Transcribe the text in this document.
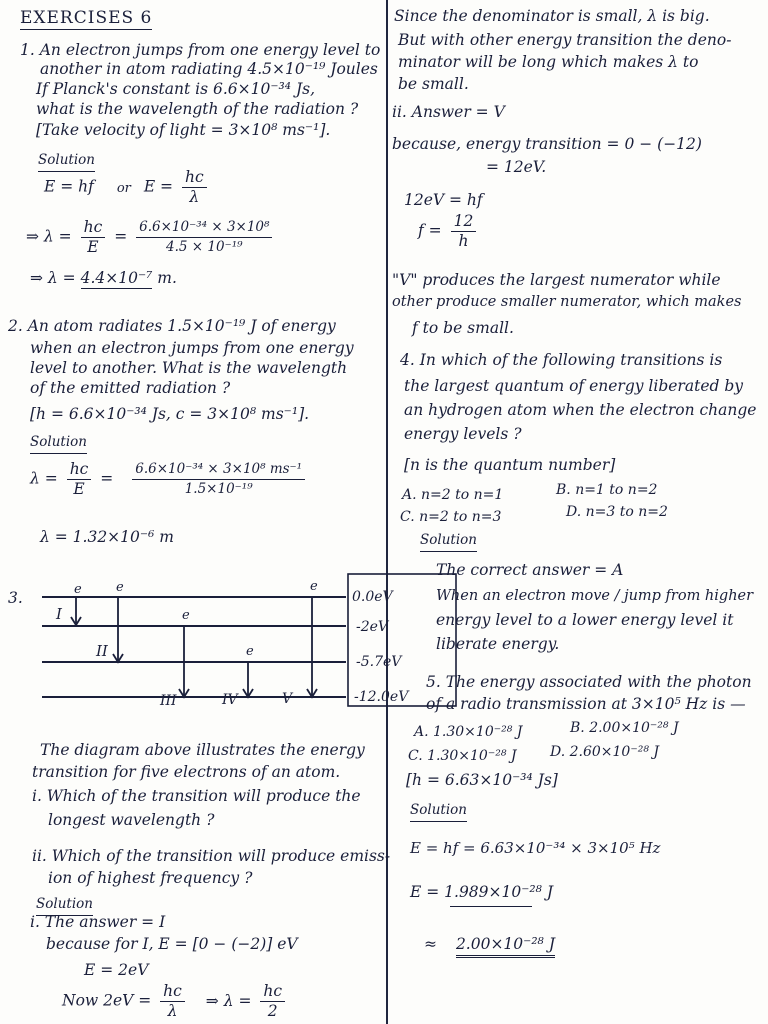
EXERCISES 6
1. An electron jumps from one energy level to
another in atom radiating 4.5×10⁻¹⁹ Joules
If Planck's constant is 6.6×10⁻³⁴ Js,
what is the wavelength of the radiation ?
[Take velocity of light = 3×10⁸ ms⁻¹].
Solution
E = hf or $E = \frac{hc}{\lambda}$
⇒ $\lambda = \frac{hc}{E} = \frac{\text{6.6×10⁻³⁴ × 3×10⁸}}{\text{4.5 × 10⁻¹⁹}}$
⇒ λ = 4.4×10⁻⁷ m.
2. An atom radiates 1.5×10⁻¹⁹ J of energy
when an electron jumps from one energy
level to another. What is the wavelength
of the emitted radiation ?
[h = 6.6×10⁻³⁴ Js, c = 3×10⁸ ms⁻¹].
Solution
$\lambda = \frac{hc}{E} = \frac{\text{6.6×10⁻³⁴ × 3×10⁸ ms⁻¹}}{\text{1.5×10⁻¹⁹}}$
λ = 1.32×10⁻⁶ m
3.	0.0eV
-2eV
-5.7eV
-12.0eV
e	e
e
e
e
I
II
III	IV	V
The diagram above illustrates the energy
transition for five electrons of an atom.
i. Which of the transition will produce the
longest wavelength ?
ii. Which of the transition will produce emiss-
ion of highest frequency ?
Solution
i. The answer = I
because for I, E = [0 − (−2)] eV
E = 2eV
Now $2eV = \frac{hc}{\lambda}$ ⇒ $\lambda = \frac{hc}{2}$
Since the denominator is small, λ is big.
But with other energy transition the deno-
minator will be long which makes λ to
be small.
ii. Answer = V
because, energy transition = 0 − (−12)
= 12eV.
12eV = hf
$f = \frac{12}{h}$
"V" produces the largest numerator while
other produce smaller numerator, which makes
f to be small.
4. In which of the following transitions is
the largest quantum of energy liberated by
an hydrogen atom when the electron change
energy levels ?
[n is the quantum number]
A. n=2 to n=1	B. n=1 to n=2
C. n=2 to n=3	D. n=3 to n=2
Solution
The correct answer = A
When an electron move / jump from higher
energy level to a lower energy level it
liberate energy.
5. The energy associated with the photon
of a radio transmission at 3×10⁵ Hz is —
A. 1.30×10⁻²⁸ J	B. 2.00×10⁻²⁸ J
C. 1.30×10⁻²⁸ J D. 2.60×10⁻²⁸ J
[h = 6.63×10⁻³⁴ Js]
Solution
E = hf = 6.63×10⁻³⁴ × 3×10⁵ Hz
E = 1.989×10⁻²⁸ J
≈ 2.00×10⁻²⁸ J
